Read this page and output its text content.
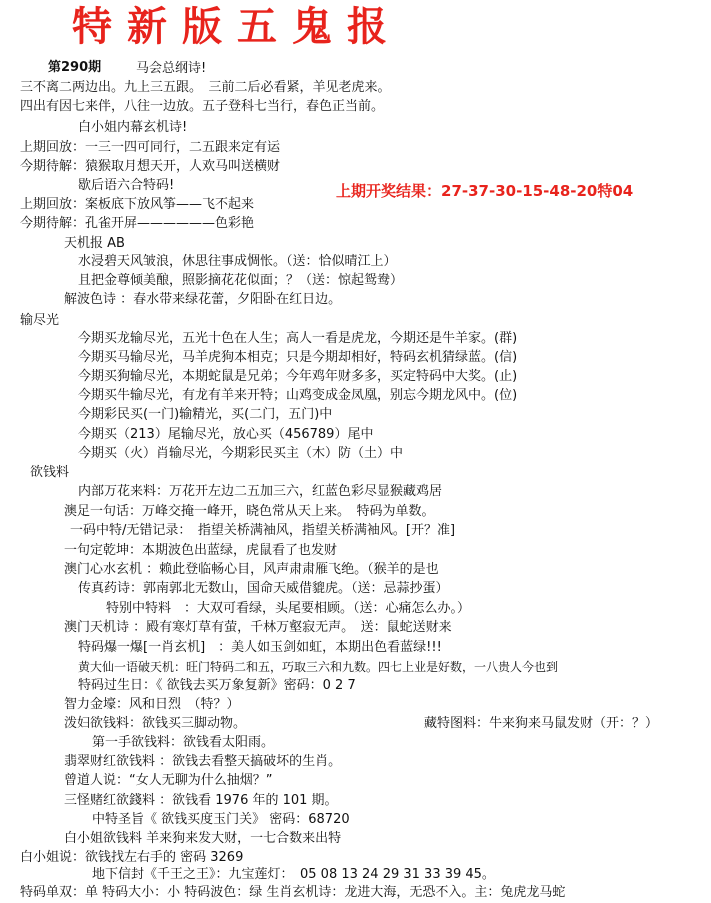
特新版五鬼报
第290期	马会总纲诗!
上期开奖结果：27-37-30-15-48-20特04
三不离二两边出。九上三五跟。　三前二后必看紧，羊见老虎来。
四出有因七来伴，八往一边放。五子登科七当行，春色正当前。
白小姐内幕玄机诗!
上期回放：一三一四可同行，二五跟来定有运
今期待解：猿猴取月想天开，人欢马叫送横财
歇后语六合特码!
上期回放：案板底下放风筝——飞不起来
今期待解：孔雀开屏——————色彩艳
天机报 AB
水浸碧天风皱浪，休思往事成惆怅。（送：恰似晴江上）
且把金尊倾美酿，照影摘花花似面；？（送：惊起鸳鸯）
解波色诗 ：春水带来绿花蕾，夕阳卧在红日边。
输尽光
今期买龙输尽光，五光十色在人生；高人一看是虎龙，今期还是牛羊家。(群)
今期买马输尽光，马羊虎狗本相克；只是今期却相好，特码玄机猜绿蓝。(信)
今期买狗输尽光，本期蛇鼠是兄弟；今年鸡年财多多，买定特码中大奖。(止)
今期买牛输尽光，有龙有羊来开特；山鸡变成金凤凰，别忘今期龙风中。(位)
今期彩民买(一门)输精光，买(二门，五门)中
今期买（213）尾输尽光，放心买（456789）尾中
今期买（火）肖输尽光，今期彩民买主（木）防（土）中
欲钱料
内部万花来料：万花开左边二五加三六，红蓝色彩尽显猴藏鸡居
澳足一句话：万峰交掩一峰开，晓色常从天上来。　特码为单数。
一码中特/无错记录：　指望关桥满袖风，指望关桥满袖风。[开？准]
一句定乾坤：本期波色出蓝绿，虎鼠看了也发财
澳门心水玄机 ：赖此登临畅心目，风声肃肃雁飞绝。（猴羊的是也
传真药诗：郭南郭北无数山，国命天威借貔虎。（送：忌蒜抄蛋）
特别中特料　：大双可看绿，头尾要相顾。（送：心痛怎么办。）
澳门天机诗 ：殿有寒灯草有萤，千林万壑寂无声。　送：鼠蛇送财来
特码爆一爆[一肖玄机]　：美人如玉剑如虹，本期出色看蓝绿!!!
黄大仙一语破天机：旺门特码二和五，巧取三六和九数。四七上业是好数，一八贵人今也到
特码过生日：《 欲钱去买万象复新》密码：0 2 7
智力金壕：风和日烈　（特？）
泼妇欲钱料：欲钱买三脚动物。	藏特图料：牛来狗来马鼠发财（开：？）
第一手欲钱料：欲钱看太阳雨。
翡翠财红欲钱料 ：欲钱去看整天搞破坏的生肖。
曾道人说：“女人无聊为什么抽烟？”
三怪赌红欲錢料 ：欲钱看 1976 年的 101 期。
中特圣旨《 欲钱买度玉门关》 密码：68720
白小姐欲钱料 羊来狗来发大财，一七合数来出特
白小姐说：欲钱找左右手的 密码 3269
地下信封《千王之王》：九宝莲灯：　05 08 13 24 29 31 33 39 45。
特码单双：单 特码大小：小 特码波色：绿 生肖玄机诗：龙进大海，无恐不入。主：兔虎龙马蛇
